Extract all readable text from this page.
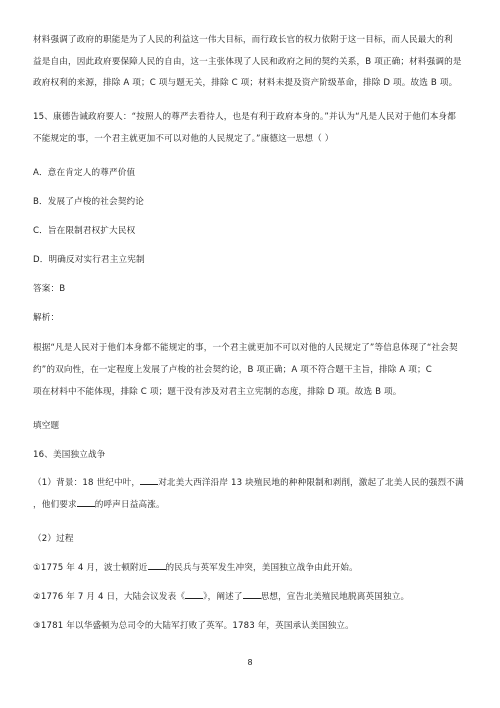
材料强调了政府的职能是为了人民的利益这一伟大目标，而行政长官的权力依附于这一目标，而人民最大的利
益是自由，因此政府要保障人民的自由，这一主张体现了人民和政府之间的契约关系，B 项正确；材料强调的是
政府权利的来源，排除 A 项；C 项与题无关，排除 C 项；材料未提及资产阶级革命，排除 D 项。故选 B 项。
15、康德告诫政府要人：“按照人的尊严去看待人，也是有利于政府本身的。”并认为“凡是人民对于他们本身都
不能规定的事，一个君主就更加不可以对他的人民规定了。”康德这一思想（ ）
A．意在肯定人的尊严价值
B．发展了卢梭的社会契约论
C．旨在限制君权扩大民权
D．明确反对实行君主立宪制
答案：B
解析：
根据“凡是人民对于他们本身都不能规定的事，一个君主就更加不可以对他的人民规定了”等信息体现了“社会契
约”的双向性，在一定程度上发展了卢梭的社会契约论，B 项正确；A 项不符合题干主旨，排除 A 项；C
项在材料中不能体现，排除 C 项；题干没有涉及对君主立宪制的态度，排除 D 项。故选 B 项。
填空题
16、美国独立战争
（1）背景：18 世纪中叶， 对北美大西洋沿岸 13 块殖民地的种种限制和剥削，激起了北美人民的强烈不满
，他们要求 的呼声日益高涨。
（2）过程
①1775 年 4 月，波士顿附近 的民兵与英军发生冲突，美国独立战争由此开始。
②1776 年 7 月 4 日，大陆会议发表《 》，阐述了 思想，宣告北美殖民地脱离英国独立。
③1781 年以华盛顿为总司令的大陆军打败了英军。1783 年，英国承认美国独立。
8
